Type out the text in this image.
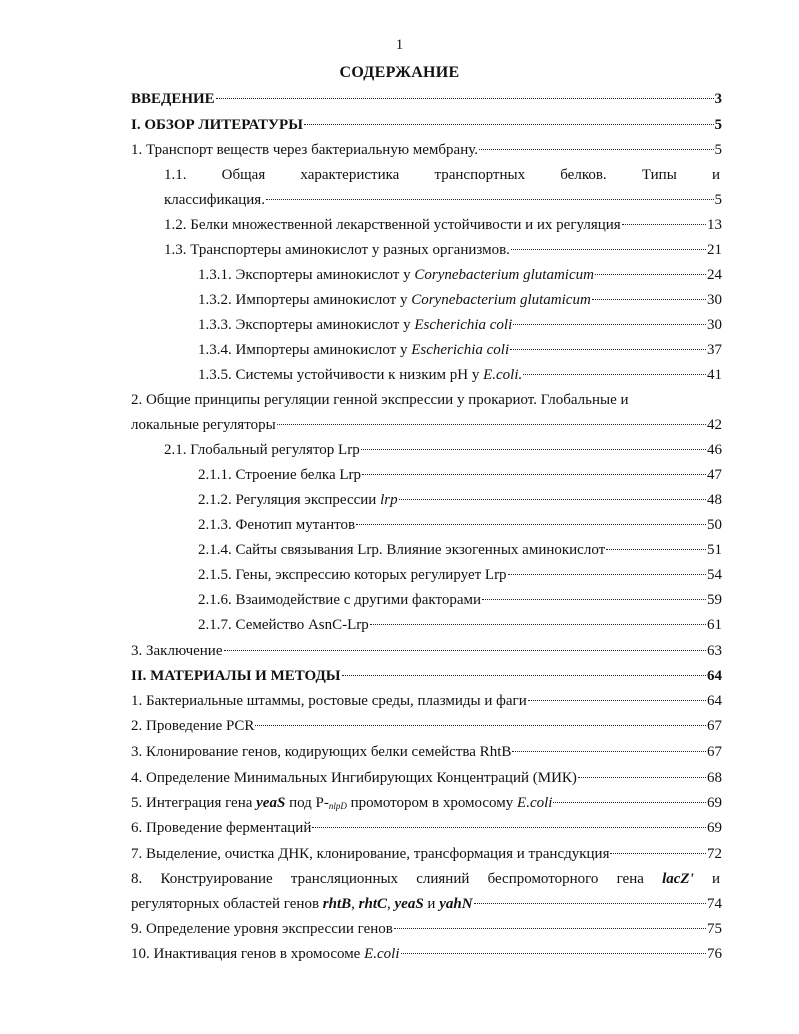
1
СОДЕРЖАНИЕ
ВВЕДЕНИЕ	3
I. ОБЗОР ЛИТЕРАТУРЫ	5
1. Транспорт веществ через бактериальную мембрану.	5
1.1. Общая характеристика транспортных белков. Типы и
классификация.	5
1.2. Белки множественной лекарственной устойчивости и их регуляция	13
1.3. Транспортеры аминокислот у разных организмов.	21
1.3.1. Экспортеры аминокислот у Corynebacterium glutamicum	24
1.3.2. Импортеры аминокислот у Corynebacterium glutamicum	30
1.3.3. Экспортеры аминокислот у Escherichia coli	30
1.3.4. Импортеры аминокислот у Escherichia coli	37
1.3.5. Системы устойчивости к низким pH у E.coli.	41
2. Общие принципы регуляции генной экспрессии у прокариот. Глобальные и
локальные регуляторы	42
2.1. Глобальный регулятор Lrp	46
2.1.1. Строение белка Lrp	47
2.1.2. Регуляция экспрессии lrp	48
2.1.3. Фенотип мутантов	50
2.1.4. Сайты связывания Lrp. Влияние экзогенных аминокислот	51
2.1.5. Гены, экспрессию которых регулирует Lrp	54
2.1.6. Взаимодействие с другими факторами	59
2.1.7. Семейство AsnC-Lrp	61
3. Заключение	63
II. МАТЕРИАЛЫ И МЕТОДЫ	64
1. Бактериальные штаммы, ростовые среды, плазмиды и фаги	64
2. Проведение PCR	67
3. Клонирование генов, кодирующих белки семейства RhtB	67
4. Определение Минимальных Ингибирующих Концентраций (МИК)	68
5. Интеграция гена yeaS под $P-_{nlpD}$ промотором в хромосому E.coli	69
6. Проведение ферментаций	69
7. Выделение, очистка ДНК, клонирование, трансформация и трансдукция	72
8. Конструирование трансляционных слияний беспромоторного гена lacZ' и
регуляторных областей генов rhtB, rhtC, yeaS и yahN	74
9. Определение уровня экспрессии генов	75
10. Инактивация генов в хромосоме E.coli	76
